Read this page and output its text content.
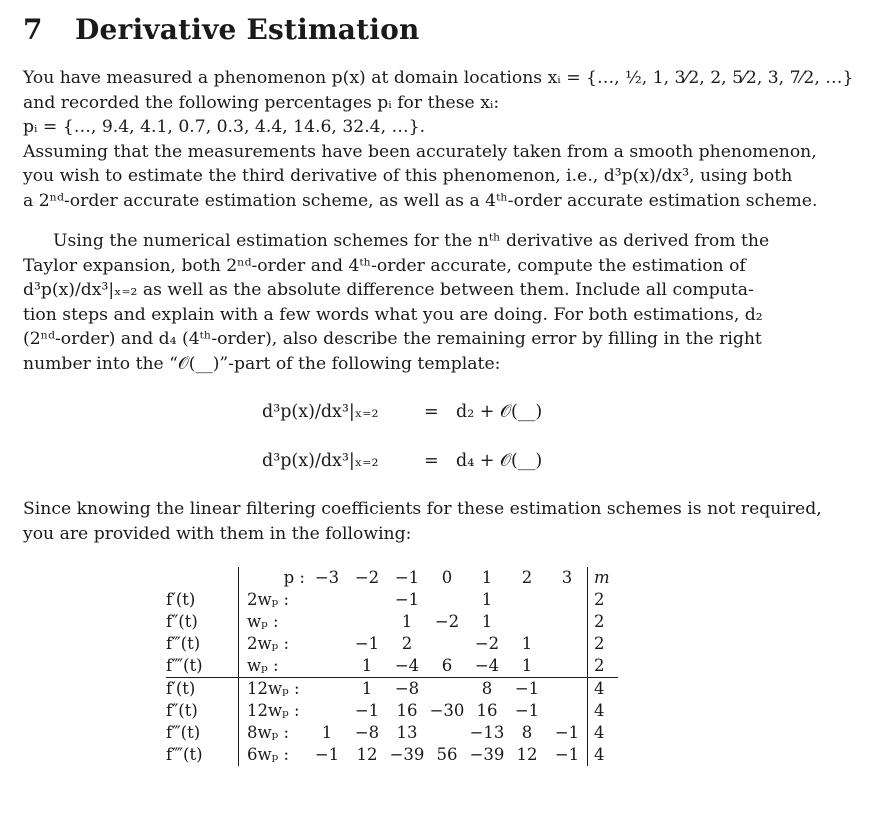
7 Derivative Estimation
You have measured a phenomenon p(x) at domain locations xᵢ = {…, ½, 1, 3⁄2, 2, 5⁄2, 3, 7⁄2, …}
and recorded the following percentages pᵢ for these xᵢ:
pᵢ = {…, 9.4, 4.1, 0.7, 0.3, 4.4, 14.6, 32.4, …}.
Assuming that the measurements have been accurately taken from a smooth phenomenon,
you wish to estimate the third derivative of this phenomenon, i.e., d³p(x)/dx³, using both
a 2ⁿᵈ-order accurate estimation scheme, as well as a 4ᵗʰ-order accurate estimation scheme.
Using the numerical estimation schemes for the nᵗʰ derivative as derived from the
Taylor expansion, both 2ⁿᵈ-order and 4ᵗʰ-order accurate, compute the estimation of
d³p(x)/dx³|ₓ₌₂ as well as the absolute difference between them. Include all computa-
tion steps and explain with a few words what you are doing. For both estimations, d₂
(2ⁿᵈ-order) and d₄ (4ᵗʰ-order), also describe the remaining error by filling in the right
number into the “𝒪(__)”-part of the following template:
d³p(x)/dx³|ₓ₌₂	= d₂ + 𝒪(__)
d³p(x)/dx³|ₓ₌₂	= d₄ + 𝒪(__)
Since knowing the linear filtering coefficients for these estimation schemes is not required,
you are provided with them in the following:
	p :	−3	−2	−1	0	1	2	3	m
f′(t)	2wₚ :			−1		1			2
f″(t)	wₚ :			1	−2	1			2
f‴(t)	2wₚ :		−1	2		−2	1		2
f⁗(t)	wₚ :		1	−4	6	−4	1		2
f′(t)	12wₚ :		1	−8		8	−1		4
f″(t)	12wₚ :		−1	16	−30	16	−1		4
f‴(t)	8wₚ :	1	−8	13		−13	8	−1	4
f⁗(t)	6wₚ :	−1	12	−39	56	−39	12	−1	4
